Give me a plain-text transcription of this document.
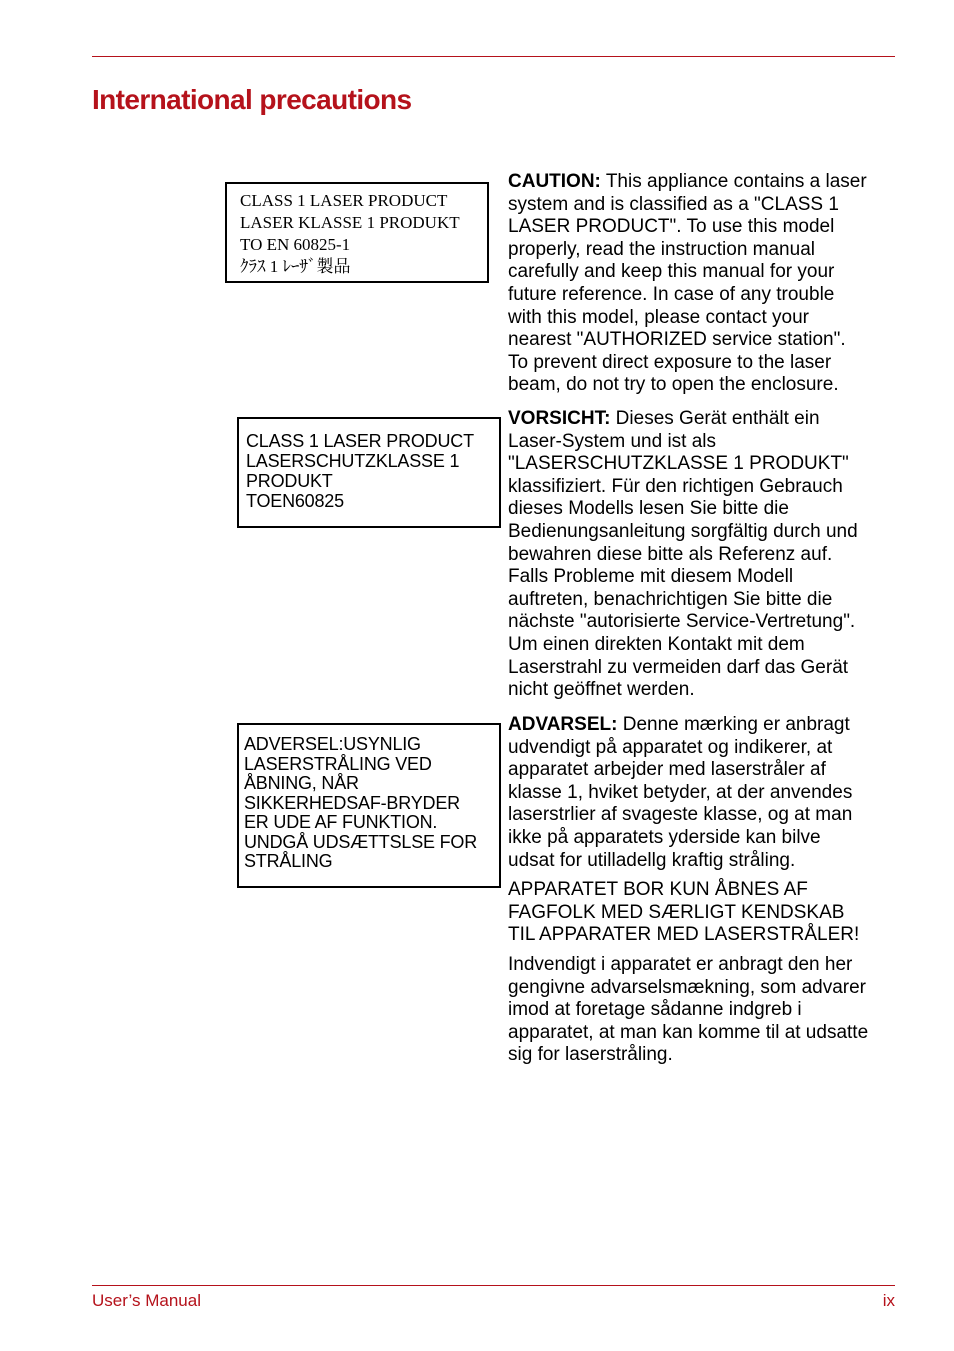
International precautions
CLASS 1 LASER PRODUCT
LASER KLASSE 1 PRODUKT
TO EN 60825-1
ｸﾗｽ 1 ﾚｰｻﾞ製品
CLASS 1 LASER PRODUCT
LASERSCHUTZKLASSE 1
PRODUKT
TOEN60825
ADVERSEL:USYNLIG
LASERSTRÅLING VED
ÅBNING, NÅR
SIKKERHEDSAF-BRYDER
ER UDE AF FUNKTION.
UNDGÅ UDSÆTTSLSE FOR
STRÅLING
CAUTION: This appliance contains a laser
system and is classified as a "CLASS 1
LASER PRODUCT". To use this model
properly, read the instruction manual
carefully and keep this manual for your
future reference. In case of any trouble
with this model, please contact your
nearest "AUTHORIZED service station".
To prevent direct exposure to the laser
beam, do not try to open the enclosure.
VORSICHT: Dieses Gerät enthält ein
Laser-System und ist als
"LASERSCHUTZKLASSE 1 PRODUKT"
klassifiziert. Für den richtigen Gebrauch
dieses Modells lesen Sie bitte die
Bedienungsanleitung sorgfältig durch und
bewahren diese bitte als Referenz auf.
Falls Probleme mit diesem Modell
auftreten, benachrichtigen Sie bitte die
nächste "autorisierte Service-Vertretung".
Um einen direkten Kontakt mit dem
Laserstrahl zu vermeiden darf das Gerät
nicht geöffnet werden.
ADVARSEL: Denne mærking er anbragt
udvendigt på apparatet og indikerer, at
apparatet arbejder med laserstråler af
klasse 1, hviket betyder, at der anvendes
laserstrlier af svageste klasse, og at man
ikke på apparatets yderside kan bilve
udsat for utilladellg kraftig stråling.
APPARATET BOR KUN ÅBNES AF
FAGFOLK MED SÆRLIGT KENDSKAB
TIL APPARATER MED LASERSTRÅLER!
Indvendigt i apparatet er anbragt den her
gengivne advarselsmækning, som advarer
imod at foretage sådanne indgreb i
apparatet, at man kan komme til at udsatte
sig for laserstråling.
User’s Manual	ix
